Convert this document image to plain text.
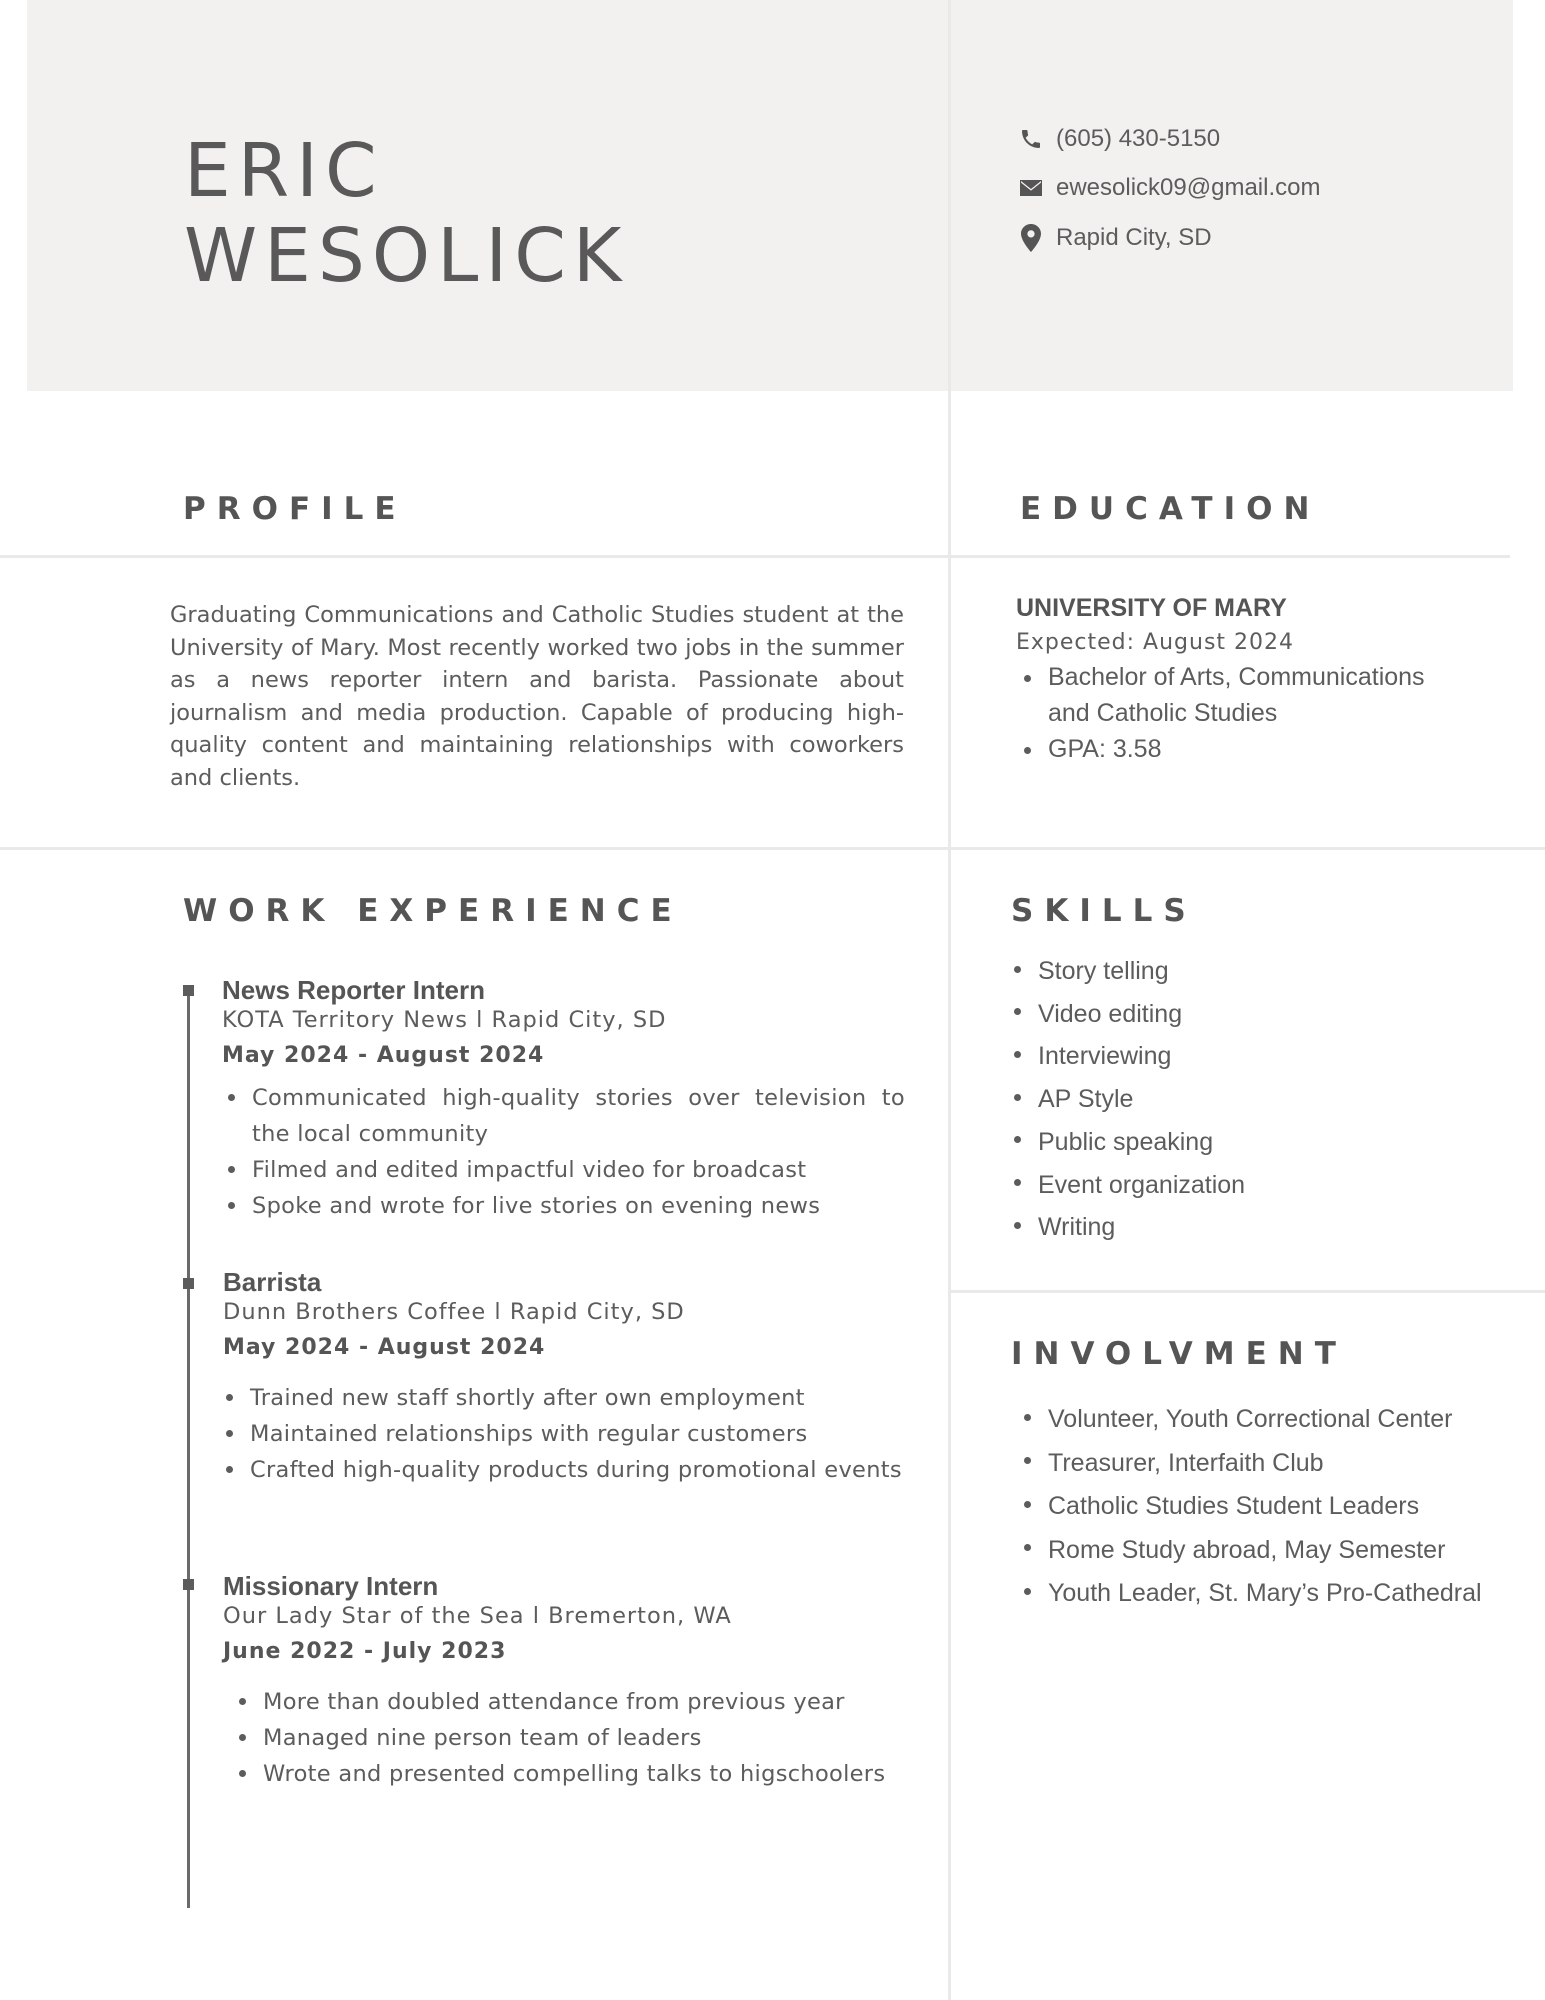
ERIC
WESOLICK
(605) 430-5150
ewesolick09@gmail.com
Rapid City, SD
PROFILE	EDUCATION
WORK EXPERIENCE	SKILLS
INVOLVMENT
Graduating Communications and Catholic Studies student at the University of Mary. Most recently worked two jobs in the summer as a news reporter intern and barista. Passionate about journalism and media production. Capable of producing high-quality content and maintaining relationships with coworkers and clients.
UNIVERSITY OF MARY
Expected: August 2024
Bachelor of Arts, Communications and Catholic Studies
GPA: 3.58
News Reporter Intern
KOTA Territory News l Rapid City, SD
May 2024 - August 2024
Communicated high-quality stories over television to the local community
Filmed and edited impactful video for broadcast
Spoke and wrote for live stories on evening news
Barrista
Dunn Brothers Coffee l Rapid City, SD
May 2024 - August 2024
Trained new staff shortly after own employment
Maintained relationships with regular customers
Crafted high-quality products during promotional events
Missionary Intern
Our Lady Star of the Sea l Bremerton, WA
June 2022 - July 2023
More than doubled attendance from previous year
Managed nine person team of leaders
Wrote and presented compelling talks to higschoolers
Story telling
Video editing
Interviewing
AP Style
Public speaking
Event organization
Writing
Volunteer, Youth Correctional Center
Treasurer, Interfaith Club
Catholic Studies Student Leaders
Rome Study abroad, May Semester
Youth Leader, St. Mary’s Pro-Cathedral
